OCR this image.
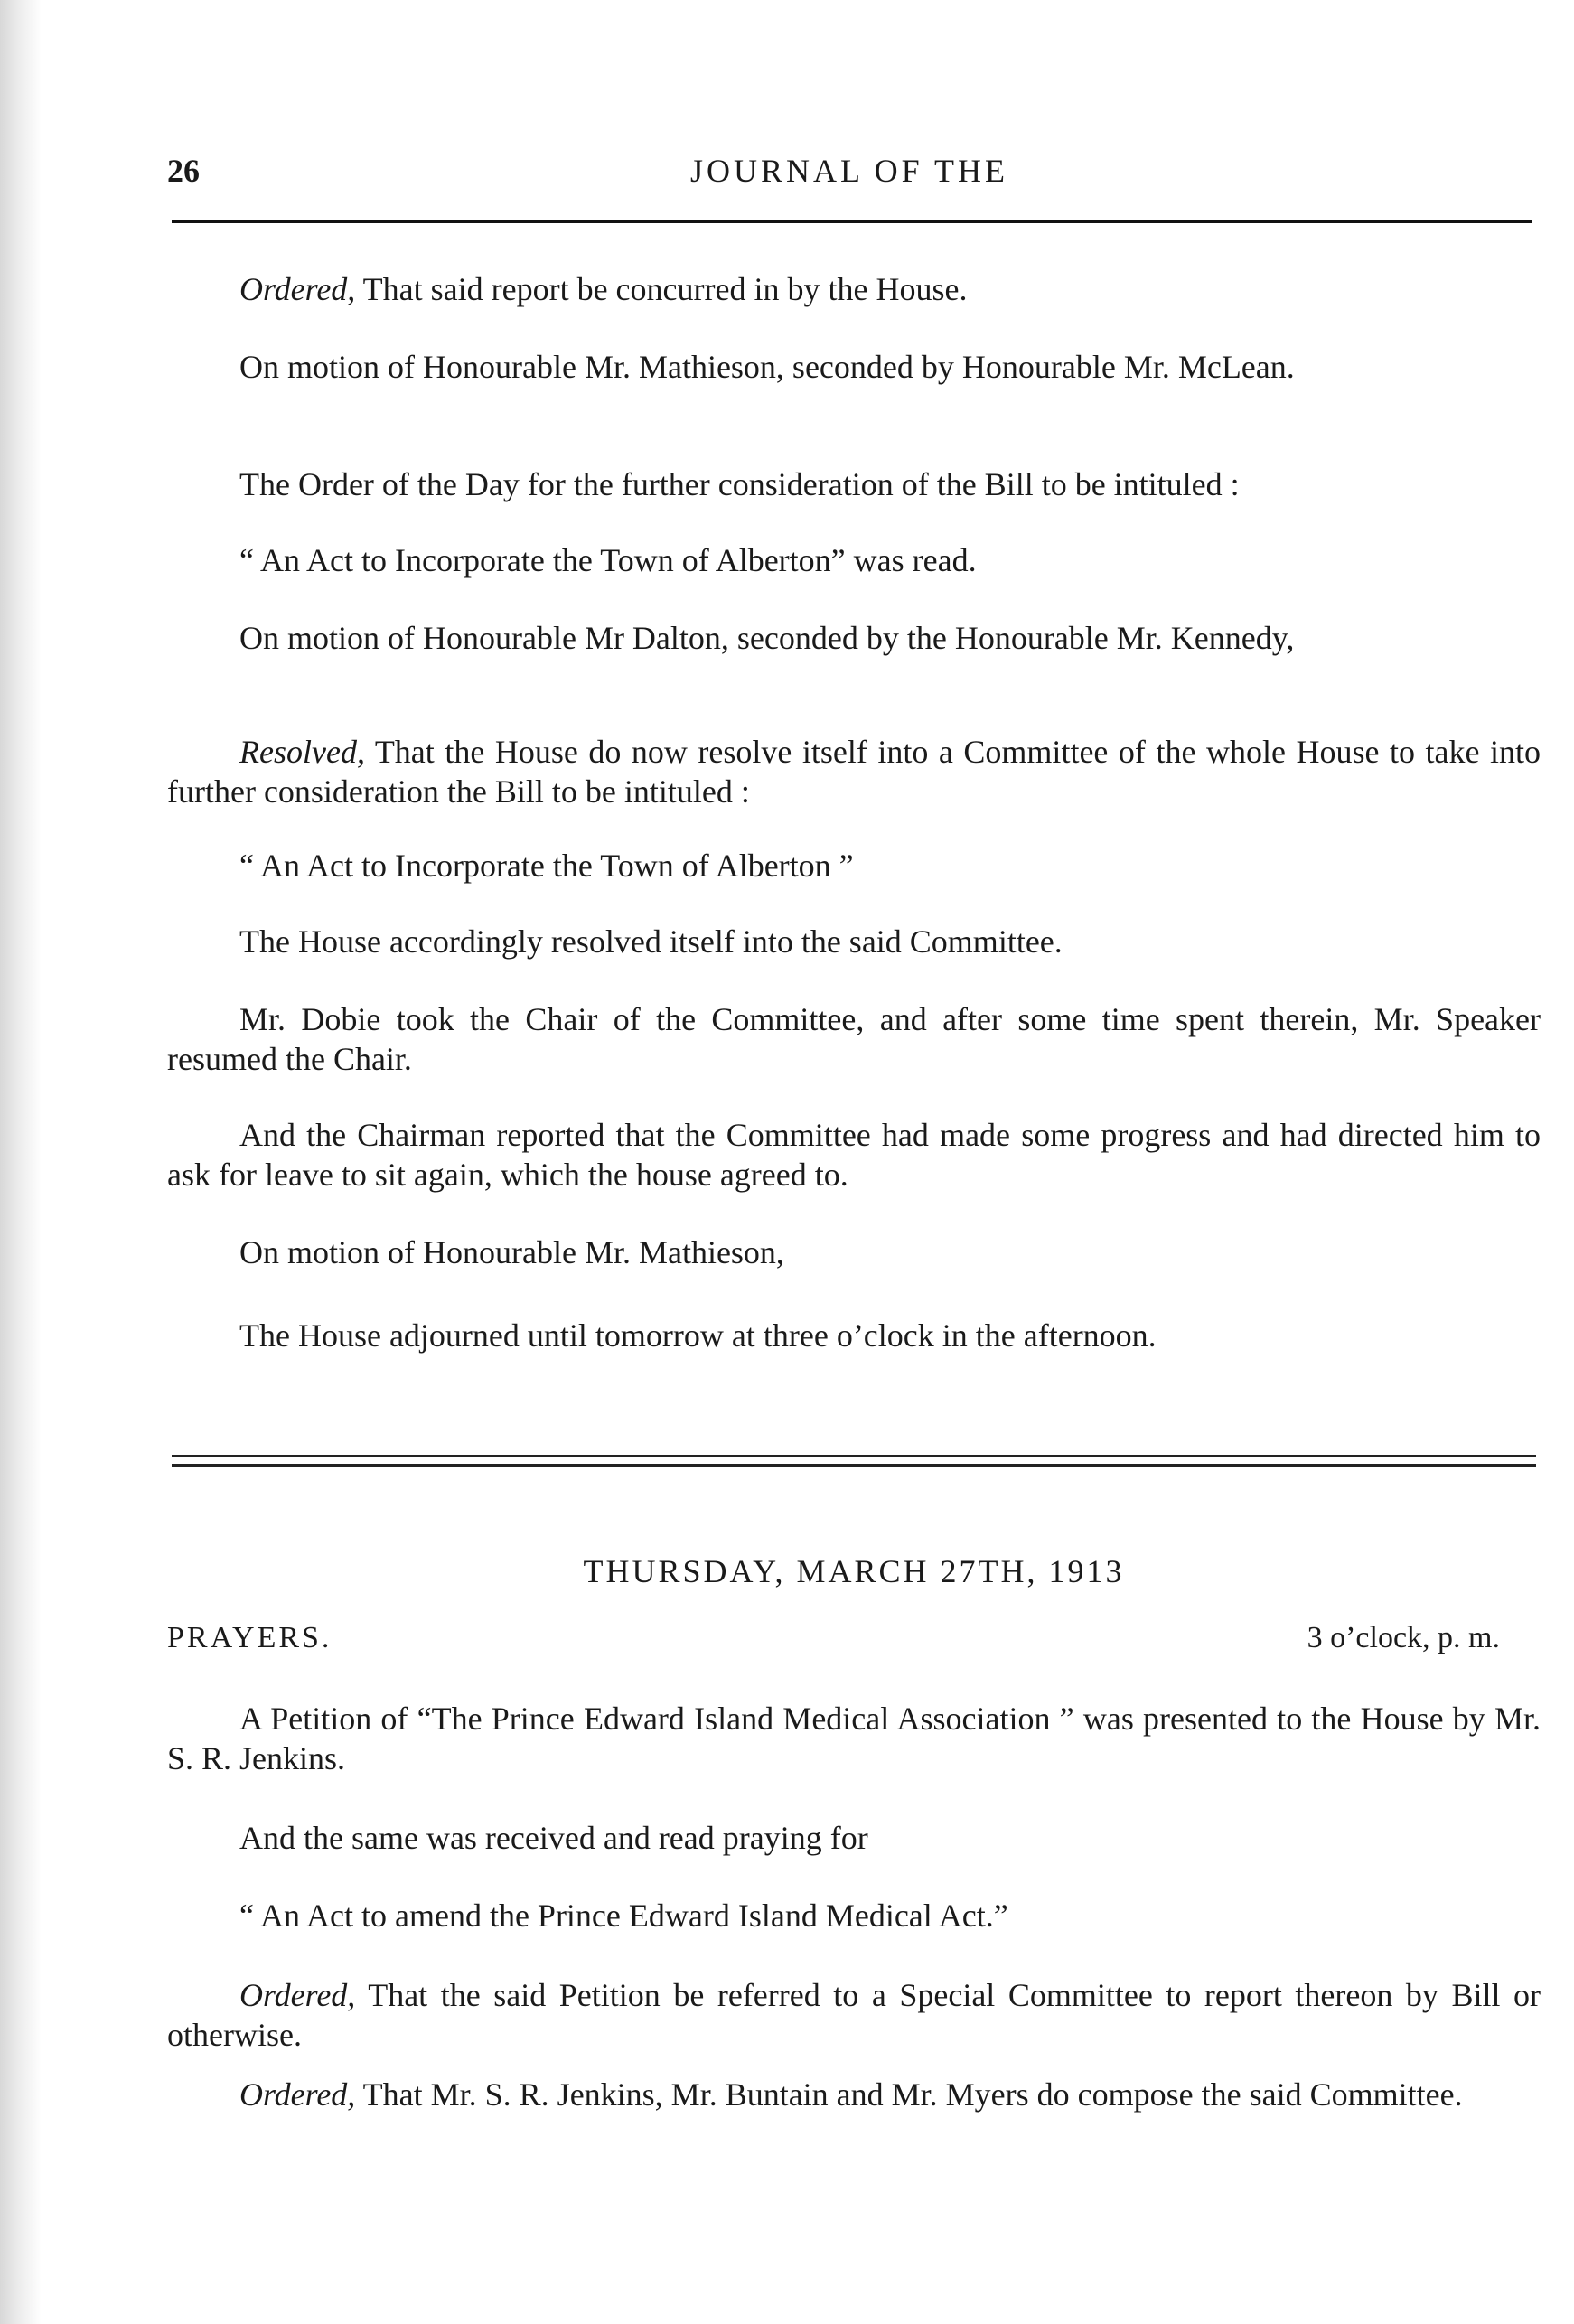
26	JOURNAL OF THE

Ordered, That said report be concurred in by the House.

On motion of Honourable Mr. Mathieson, seconded by Honourable Mr. McLean.

The Order of the Day for the further consideration of the Bill to be intituled :

“ An Act to Incorporate the Town of Alberton” was read.

On motion of Honourable Mr Dalton, seconded by the Honourable Mr. Kennedy,

Resolved, That the House do now resolve itself into a Committee of the whole House to take into further consideration the Bill to be intituled :

“ An Act to Incorporate the Town of Alberton ”

The House accordingly resolved itself into the said Committee.

Mr. Dobie took the Chair of the Committee, and after some time spent therein, Mr. Speaker resumed the Chair.

And the Chairman reported that the Committee had made some progress and had directed him to ask for leave to sit again, which the house agreed to.

On motion of Honourable Mr. Mathieson,

The House adjourned until tomorrow at three o’clock in the afternoon.

THURSDAY, MARCH 27TH, 1913
PRAYERS.	3 o’clock, p. m.

A Petition of “The Prince Edward Island Medical Association ” was presented to the House by Mr. S. R. Jenkins.

And the same was received and read praying for

“ An Act to amend the Prince Edward Island Medical Act.”

Ordered, That the said Petition be referred to a Special Committee to report thereon by Bill or otherwise.

Ordered, That Mr. S. R. Jenkins, Mr. Buntain and Mr. Myers do compose the said Committee.
